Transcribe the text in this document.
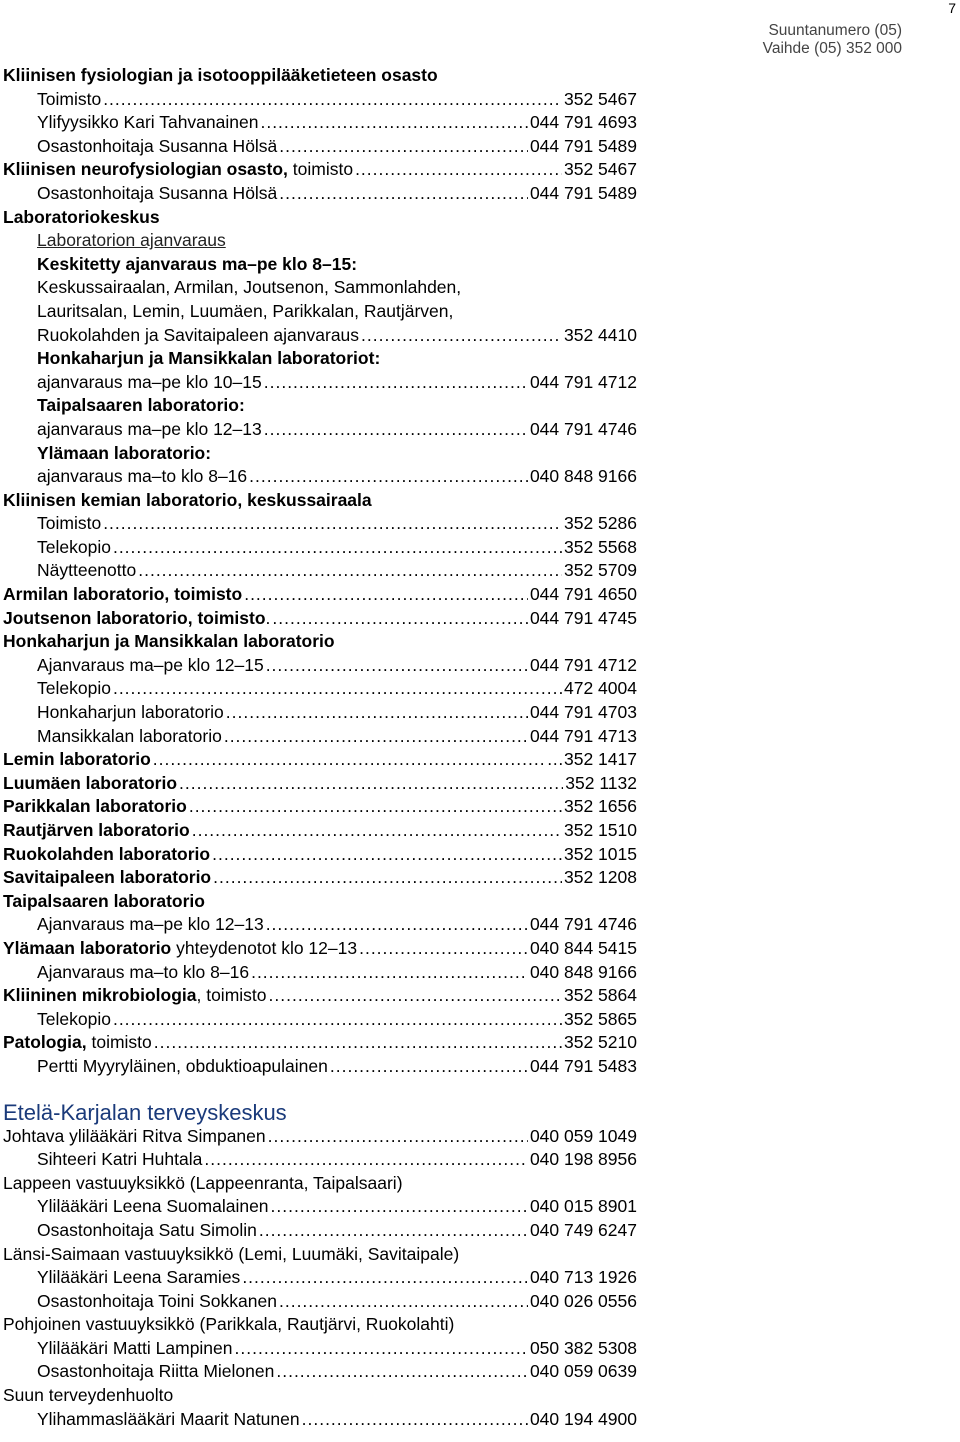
7
Suuntanumero (05)
Vaihde (05) 352 000
Kliinisen fysiologian ja isotooppilääketieteen osasto
Toimisto .....	352 5467
Ylifyysikko Kari Tahvanainen .....	044 791 4693
Osastonhoitaja Susanna Hölsä .....	044 791 5489
Kliinisen neurofysiologian osasto, toimisto .....	352 5467
Osastonhoitaja Susanna Hölsä .....	044 791 5489
Laboratoriokeskus
Laboratorion ajanvaraus
Keskitetty ajanvaraus ma–pe klo 8–15:
Keskussairaalan, Armilan, Joutsenon, Sammonlahden,
Lauritsalan, Lemin, Luumäen, Parikkalan, Rautjärven,
Ruokolahden ja Savitaipaleen ajanvaraus .....	352 4410
Honkaharjun ja Mansikkalan laboratoriot:
ajanvaraus ma–pe klo 10–15 .....	044 791 4712
Taipalsaaren laboratorio:
ajanvaraus ma–pe klo 12–13 .....	044 791 4746
Ylämaan laboratorio:
ajanvaraus ma–to klo 8–16 .....	040 848 9166
Kliinisen kemian laboratorio, keskussairaala
Toimisto .....	352 5286
Telekopio .....	352 5568
Näytteenotto .....	352 5709
Armilan laboratorio, toimisto .....	044 791 4650
Joutsenon laboratorio, toimisto. .....	044 791 4745
Honkaharjun ja Mansikkalan laboratorio
Ajanvaraus ma–pe klo 12–15 .....	044 791 4712
Telekopio .....	472 4004
Honkaharjun laboratorio .....	044 791 4703
Mansikkalan laboratorio .....	044 791 4713
Lemin laboratorio .....	…352 1417
Luumäen laboratorio .....	352 1132
Parikkalan laboratorio .....	352 1656
Rautjärven laboratorio .....	352 1510
Ruokolahden laboratorio .....	352 1015
Savitaipaleen laboratorio .....	352 1208
Taipalsaaren laboratorio
Ajanvaraus ma–pe klo 12–13 .....	044 791 4746
Ylämaan laboratorio yhteydenotot klo 12–13 .....	040 844 5415
Ajanvaraus ma–to klo 8–16 .....	040 848 9166
Kliininen mikrobiologia, toimisto .....	352 5864
Telekopio .....	352 5865
Patologia, toimisto .....	352 5210
Pertti Myyryläinen, obduktioapulainen .....	044 791 5483
Etelä-Karjalan terveyskeskus
Johtava ylilääkäri Ritva Simpanen .....	040 059 1049
Sihteeri Katri Huhtala .....	040 198 8956
Lappeen vastuuyksikkö (Lappeenranta, Taipalsaari)
Ylilääkäri Leena Suomalainen .....	040 015 8901
Osastonhoitaja Satu Simolin .....	040 749 6247
Länsi-Saimaan vastuuyksikkö (Lemi, Luumäki, Savitaipale)
Ylilääkäri Leena Saramies .....	040 713 1926
Osastonhoitaja Toini Sokkanen .....	040 026 0556
Pohjoinen vastuuyksikkö (Parikkala, Rautjärvi, Ruokolahti)
Ylilääkäri Matti Lampinen .....	050 382 5308
Osastonhoitaja Riitta Mielonen .....	040 059 0639
Suun terveydenhuolto
Ylihammaslääkäri Maarit Natunen .....	040 194 4900
